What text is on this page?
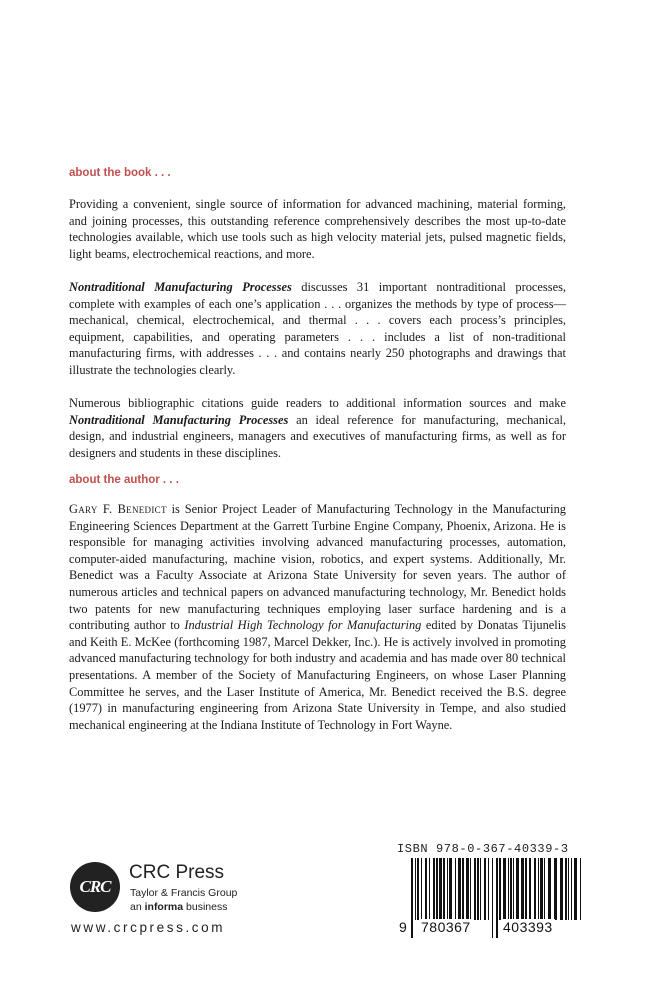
about the book . . .

Providing a convenient, single source of information for advanced machining, material forming, and joining processes, this outstanding reference comprehensively describes the most up-to-date technologies available, which use tools such as high velocity material jets, pulsed magnetic fields, light beams, electrochemical reactions, and more.

Nontraditional Manufacturing Processes discusses 31 important nontraditional processes, complete with examples of each one’s application . . . organizes the methods by type of process—mechanical, chemical, electrochemical, and thermal . . . covers each process’s principles, equipment, capabilities, and operating parameters . . . includes a list of non-traditional manufacturing firms, with addresses . . . and contains nearly 250 photographs and drawings that illustrate the technologies clearly.

Numerous bibliographic citations guide readers to additional information sources and make Nontraditional Manufacturing Processes an ideal reference for manufacturing, mechanical, design, and industrial engineers, managers and executives of manufacturing firms, as well as for designers and students in these disciplines.

about the author . . .

Gary F. Benedict is Senior Project Leader of Manufacturing Technology in the Manufacturing Engineering Sciences Department at the Garrett Turbine Engine Company, Phoenix, Arizona. He is responsible for managing activities involving advanced manufacturing processes, automation, computer-aided manufacturing, machine vision, robotics, and expert systems. Additionally, Mr. Benedict was a Faculty Associate at Arizona State University for seven years. The author of numerous articles and technical papers on advanced manufacturing technology, Mr. Benedict holds two patents for new manufacturing techniques employing laser surface hardening and is a contributing author to Industrial High Technology for Manufacturing edited by Donatas Tijunelis and Keith E. McKee (forthcoming 1987, Marcel Dekker, Inc.). He is actively involved in promoting advanced manufacturing technology for both industry and academia and has made over 80 technical presentations. A member of the Society of Manufacturing Engineers, on whose Laser Planning Committee he serves, and the Laser Institute of America, Mr. Benedict received the B.S. degree (1977) in manufacturing engineering from Arizona State University in Tempe, and also studied mechanical engineering at the Indiana Institute of Technology in Fort Wayne.

CRC
CRC Press
Taylor & Francis Group
an informa business
www.crcpress.com
ISBN 978-0-367-40339-3
9 780367 403393
